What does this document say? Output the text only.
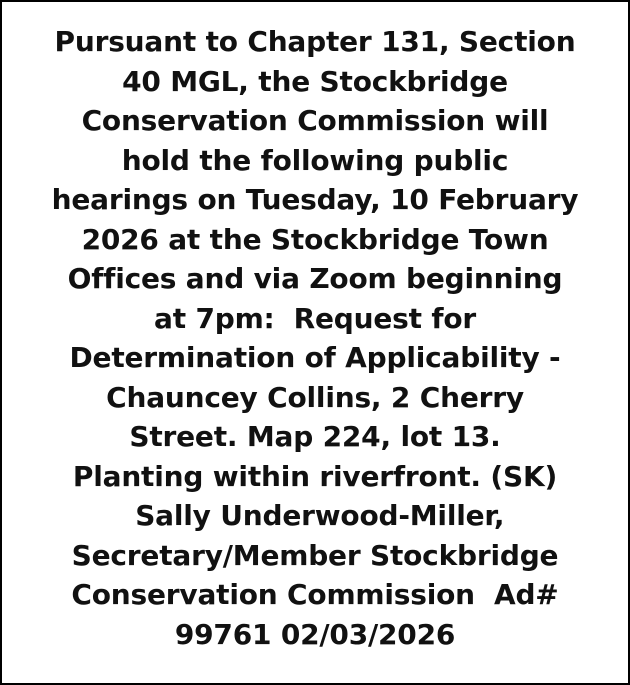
Pursuant to Chapter 131, Section
40 MGL, the Stockbridge
Conservation Commission will
hold the following public
hearings on Tuesday, 10 February
2026 at the Stockbridge Town
Offices and via Zoom beginning
at 7pm:  Request for
Determination of Applicability -
Chauncey Collins, 2 Cherry
Street. Map 224, lot 13.
Planting within riverfront. (SK)
Sally Underwood-Miller,
Secretary/Member Stockbridge
Conservation Commission  Ad#
99761 02/03/2026
